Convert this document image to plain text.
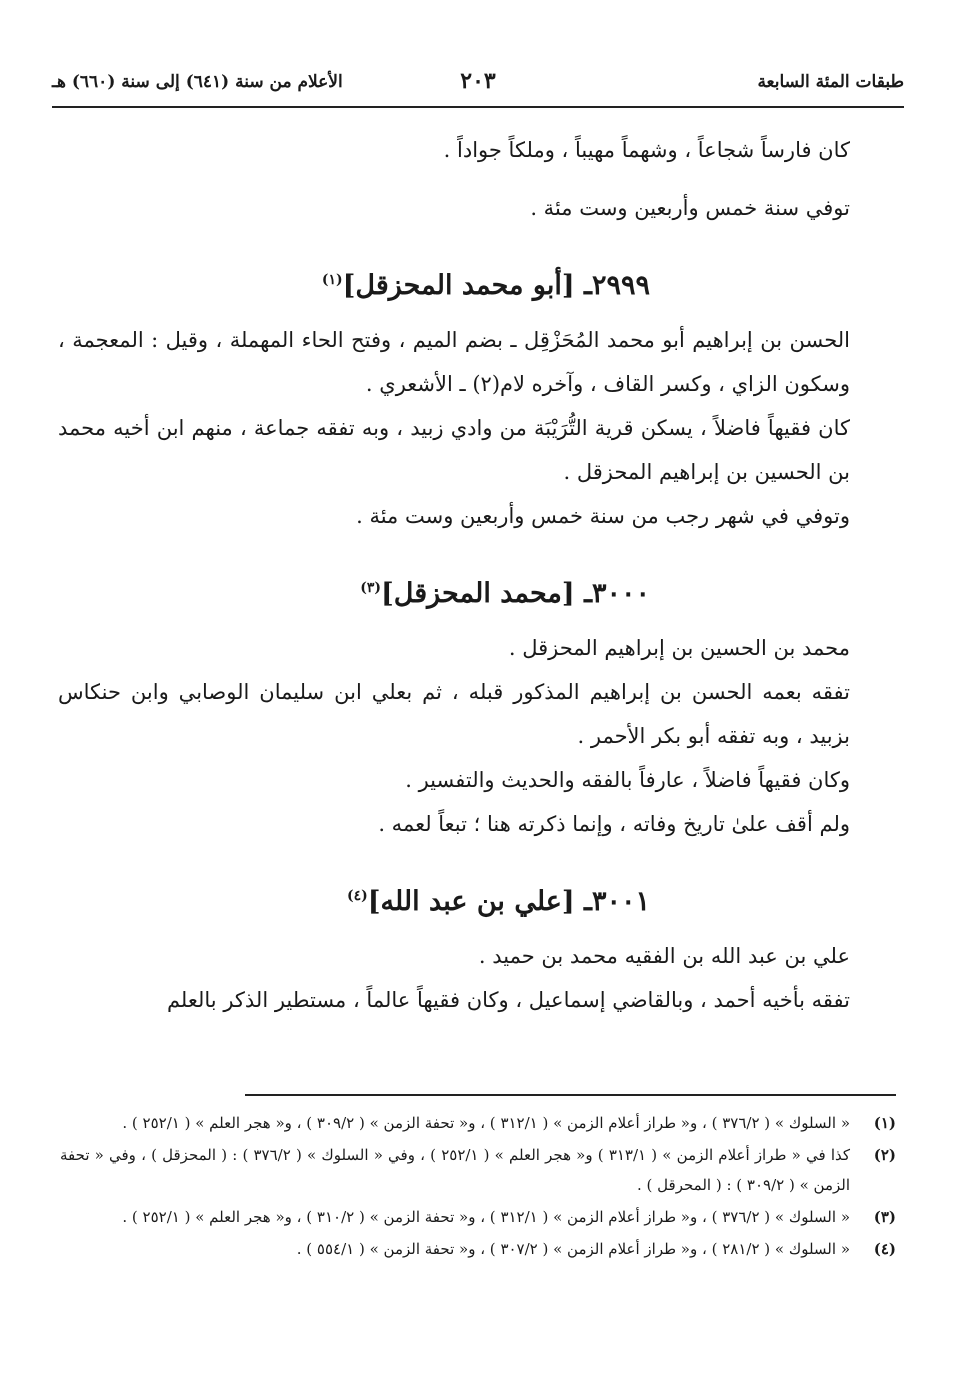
طبقات المئة السابعة
٢٠٣
الأعلام من سنة (٦٤١) إلى سنة (٦٦٠) هـ

كان فارساً شجاعاً ، وشهماً مهيباً ، وملكاً جواداً .

توفي سنة خمس وأربعين وست مئة .

٢٩٩٩ـ [أبو محمد المحزقل]$^{(١)}$

الحسن بن إبراهيم أبو محمد المُحَزْقِل ـ بضم الميم ، وفتح الحاء المهملة ، وقيل : المعجمة ، وسكون الزاي ، وكسر القاف ، وآخره لام(٢) ـ الأشعري .

كان فقيهاً فاضلاً ، يسكن قرية التُّرَيْبَة من وادي زبيد ، وبه تفقه جماعة ، منهم ابن أخيه محمد بن الحسين بن إبراهيم المحزقل .

وتوفي في شهر رجب من سنة خمس وأربعين وست مئة .

٣٠٠٠ـ [محمد المحزقل]$^{(٣)}$

محمد بن الحسين بن إبراهيم المحزقل .

تفقه بعمه الحسن بن إبراهيم المذكور قبله ، ثم بعلي ابن سليمان الوصابي وابن حنكاس بزبيد ، وبه تفقه أبو بكر الأحمر .

وكان فقيهاً فاضلاً ، عارفاً بالفقه والحديث والتفسير .

ولم أقف علىٰ تاريخ وفاته ، وإنما ذكرته هنا ؛ تبعاً لعمه .

٣٠٠١ـ [علي بن عبد الله]$^{(٤)}$

علي بن عبد الله بن الفقيه محمد بن حميد .

تفقه بأخيه أحمد ، وبالقاضي إسماعيل ، وكان فقيهاً عالماً ، مستطير الذكر بالعلم

(١)
« السلوك » ( ٣٧٦/٢ ) ، و« طراز أعلام الزمن » ( ٣١٢/١ ) ، و« تحفة الزمن » ( ٣٠٩/٢ ) ، و« هجر العلم » ( ٢٥٢/١ ) .
(٢)
كذا في « طراز أعلام الزمن » ( ٣١٣/١ ) و« هجر العلم » ( ٢٥٢/١ ) ، وفي « السلوك » ( ٣٧٦/٢ ) : ( المحزقل ) ، وفي « تحفة الزمن » ( ٣٠٩/٢ ) : ( المحرقل ) .
(٣)
« السلوك » ( ٣٧٦/٢ ) ، و« طراز أعلام الزمن » ( ٣١٢/١ ) ، و« تحفة الزمن » ( ٣١٠/٢ ) ، و« هجر العلم » ( ٢٥٢/١ ) .
(٤)
« السلوك » ( ٢٨١/٢ ) ، و« طراز أعلام الزمن » ( ٣٠٧/٢ ) ، و« تحفة الزمن » ( ٥٥٤/١ ) .
